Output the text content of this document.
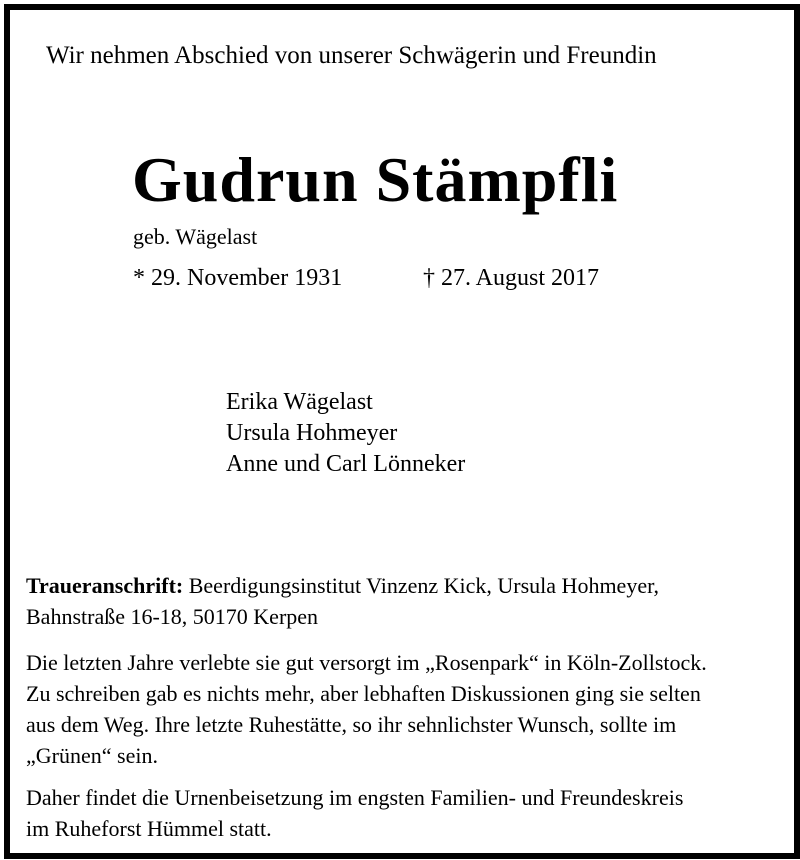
Wir nehmen Abschied von unserer Schwägerin und Freundin
Gudrun Stämpfli
geb. Wägelast
* 29. November 1931	† 27. August 2017
Erika Wägelast
Ursula Hohmeyer
Anne und Carl Lönneker
Traueranschrift: Beerdigungsinstitut Vinzenz Kick, Ursula Hohmeyer,
Bahnstraße 16-18, 50170 Kerpen
Die letzten Jahre verlebte sie gut versorgt im „Rosenpark“ in Köln-Zollstock.
Zu schreiben gab es nichts mehr, aber lebhaften Diskussionen ging sie selten
aus dem Weg. Ihre letzte Ruhestätte, so ihr sehnlichster Wunsch, sollte im
„Grünen“ sein.
Daher findet die Urnenbeisetzung im engsten Familien- und Freundeskreis
im Ruheforst Hümmel statt.
